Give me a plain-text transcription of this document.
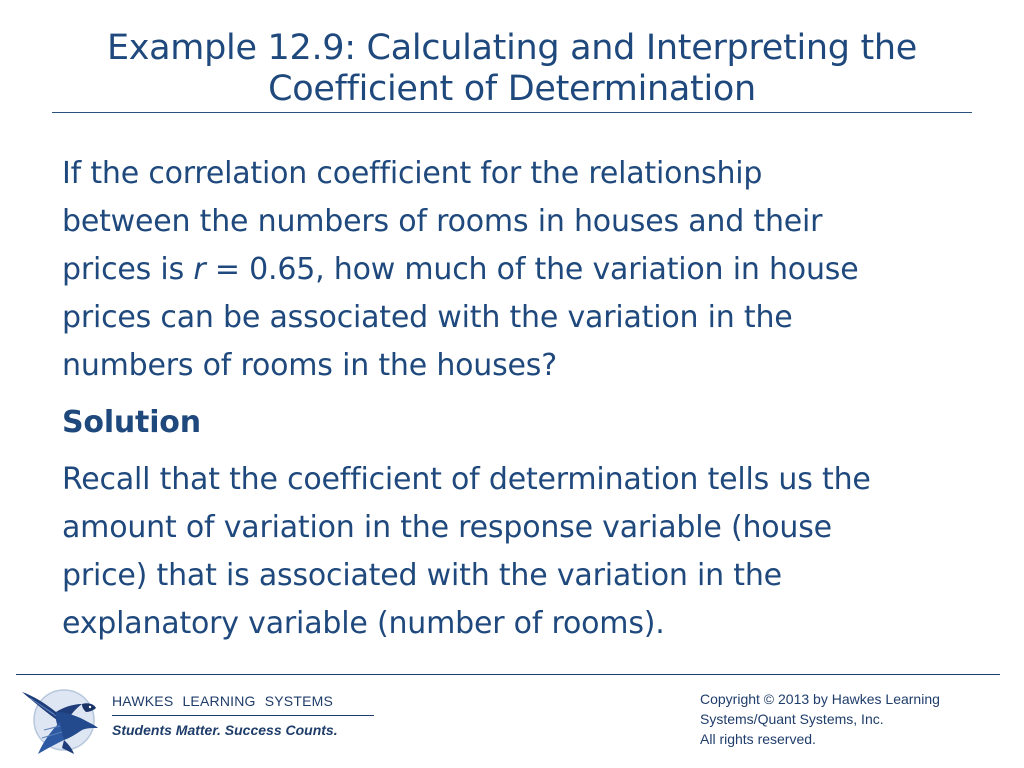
Example 12.9: Calculating and Interpreting the
Coefficient of Determination

If the correlation coefficient for the relationship
between the numbers of rooms in houses and their
prices is r = 0.65, how much of the variation in house
prices can be associated with the variation in the
numbers of rooms in the houses?

Solution

Recall that the coefficient of determination tells us the
amount of variation in the response variable (house
price) that is associated with the variation in the
explanatory variable (number of rooms).

HAWKES LEARNING SYSTEMS
Students Matter. Success Counts.
Copyright © 2013 by Hawkes Learning
Systems/Quant Systems, Inc.
All rights reserved.
